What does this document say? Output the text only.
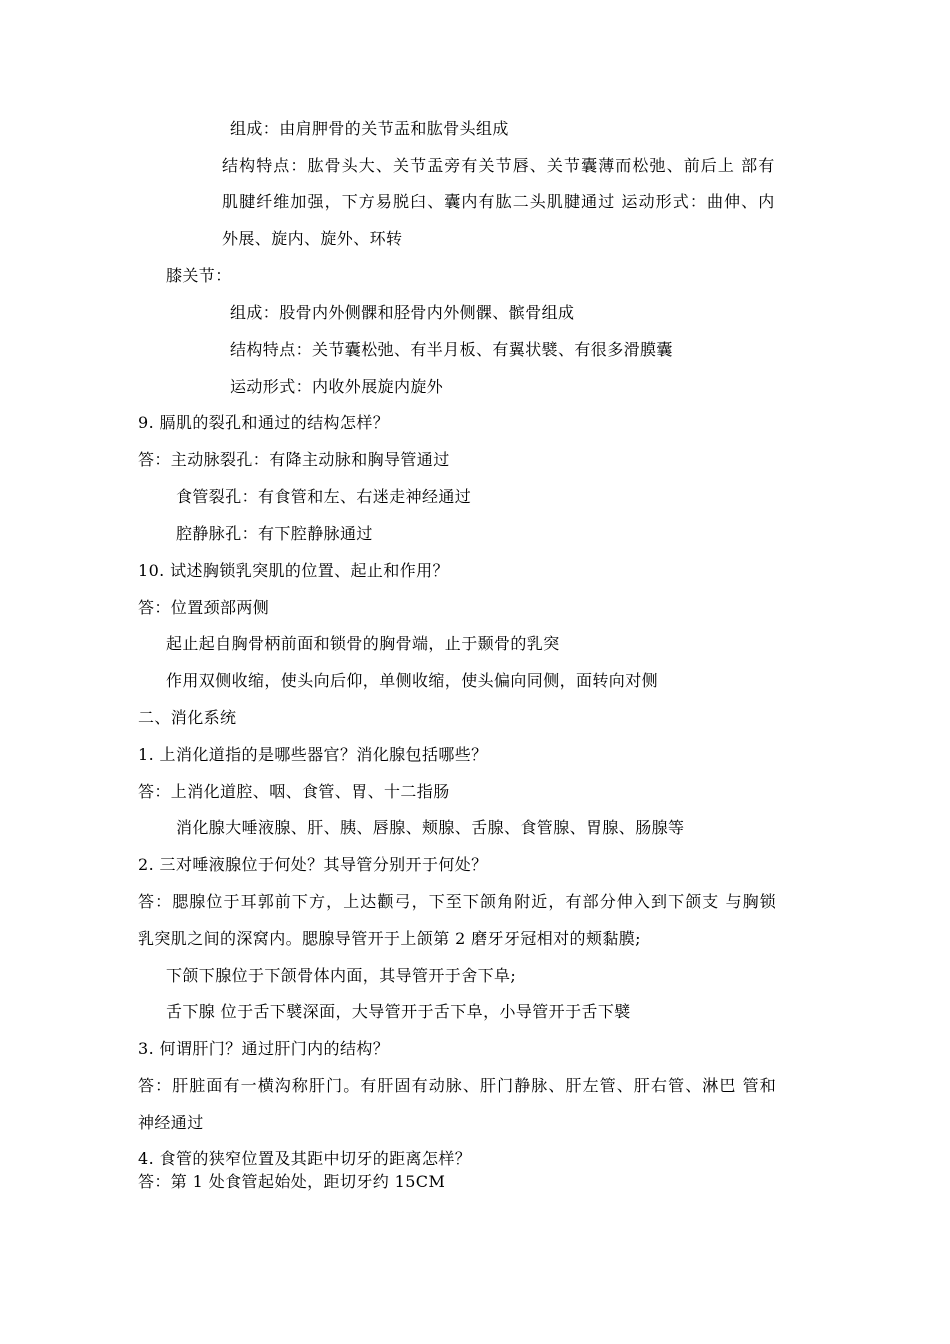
组成：由肩胛骨的关节盂和肱骨头组成
结构特点：肱骨头大、关节盂旁有关节唇、关节囊薄而松弛、前后上 部有
肌腱纤维加强，下方易脱臼、囊内有肱二头肌腱通过 运动形式：曲伸、内
外展、旋内、旋外、环转
膝关节：
组成：股骨内外侧髁和胫骨内外侧髁、髌骨组成
结构特点：关节囊松弛、有半月板、有翼状襞、有很多滑膜囊
运动形式：内收外展旋内旋外
9. 膈肌的裂孔和通过的结构怎样？
答：主动脉裂孔：有降主动脉和胸导管通过
食管裂孔：有食管和左、右迷走神经通过
腔静脉孔：有下腔静脉通过
10. 试述胸锁乳突肌的位置、起止和作用？
答：位置颈部两侧
起止起自胸骨柄前面和锁骨的胸骨端，止于颞骨的乳突
作用双侧收缩，使头向后仰，单侧收缩，使头偏向同侧，面转向对侧
二、消化系统
1. 上消化道指的是哪些器官？消化腺包括哪些？
答：上消化道腔、咽、食管、胃、十二指肠
消化腺大唾液腺、肝、胰、唇腺、颊腺、舌腺、食管腺、胃腺、肠腺等
2. 三对唾液腺位于何处？其导管分别开于何处？
答：腮腺位于耳郭前下方，上达颧弓，下至下颌角附近，有部分伸入到下颌支 与胸锁
乳突肌之间的深窝内。腮腺导管开于上颌第 2 磨牙牙冠相对的颊黏膜;
下颌下腺位于下颌骨体内面，其导管开于舍下阜;
舌下腺 位于舌下襞深面，大导管开于舌下阜，小导管开于舌下襞
3. 何谓肝门？通过肝门内的结构？
答：肝脏面有一横沟称肝门。有肝固有动脉、肝门静脉、肝左管、肝右管、淋巴 管和
神经通过
4. 食管的狭窄位置及其距中切牙的距离怎样？
答：第 1 处食管起始处，距切牙约 15CM
